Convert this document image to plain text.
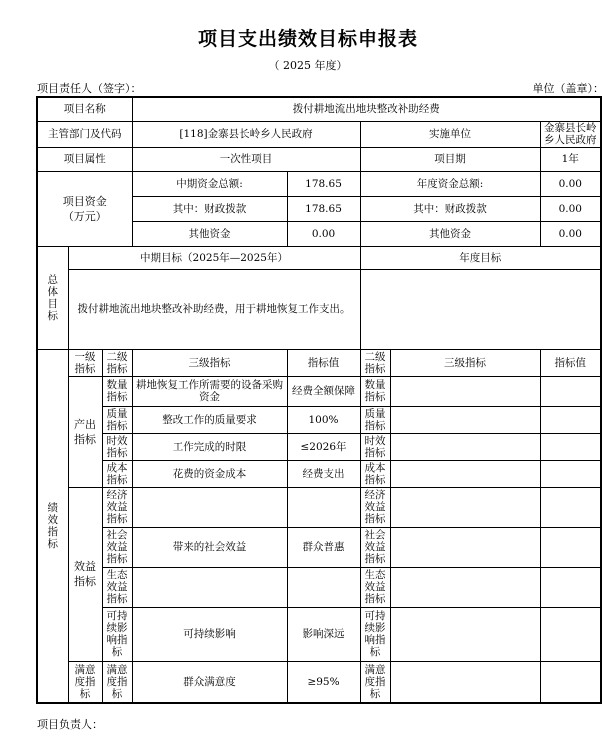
项目支出绩效目标申报表
（ 2025 年度）
项目责任人（签字）：	单位（盖章）：
项目名称			拨付耕地流出地块整改补助经费				
主管部门及代码			[118]金寨县长岭乡人民政府		实施单位		金寨县长岭乡人民政府
项目属性			一次性项目		项目期		1年
项目资金（万元）			中期资金总额:	178.65	年度资金总额:		0.00
			其中：财政拨款	178.65	其中：财政拨款		0.00
			其他资金	0.00	其他资金		0.00
总体目标	中期目标（2025年—2025年）				年度目标		
	拨付耕地流出地块整改补助经费，用于耕地恢复工作支出。						
绩效指标	一级指标	二级指标	三级指标	指标值	二级指标	三级指标	指标值
	产出指标	数量指标	耕地恢复工作所需要的设备采购资金	经费全额保障	数量指标		
		质量指标	整改工作的质量要求	100%	质量指标		
		时效指标	工作完成的时限	≤2026年	时效指标		
		成本指标	花费的资金成本	经费支出	成本指标		
	效益指标	经济效益指标			经济效益指标		
		社会效益指标	带来的社会效益	群众普惠	社会效益指标		
		生态效益指标			生态效益指标		
		可持续影响指标	可持续影响	影响深远	可持续影响指标		
	满意度指标	满意度指标	群众满意度	≥95%	满意度指标		
项目负责人：
